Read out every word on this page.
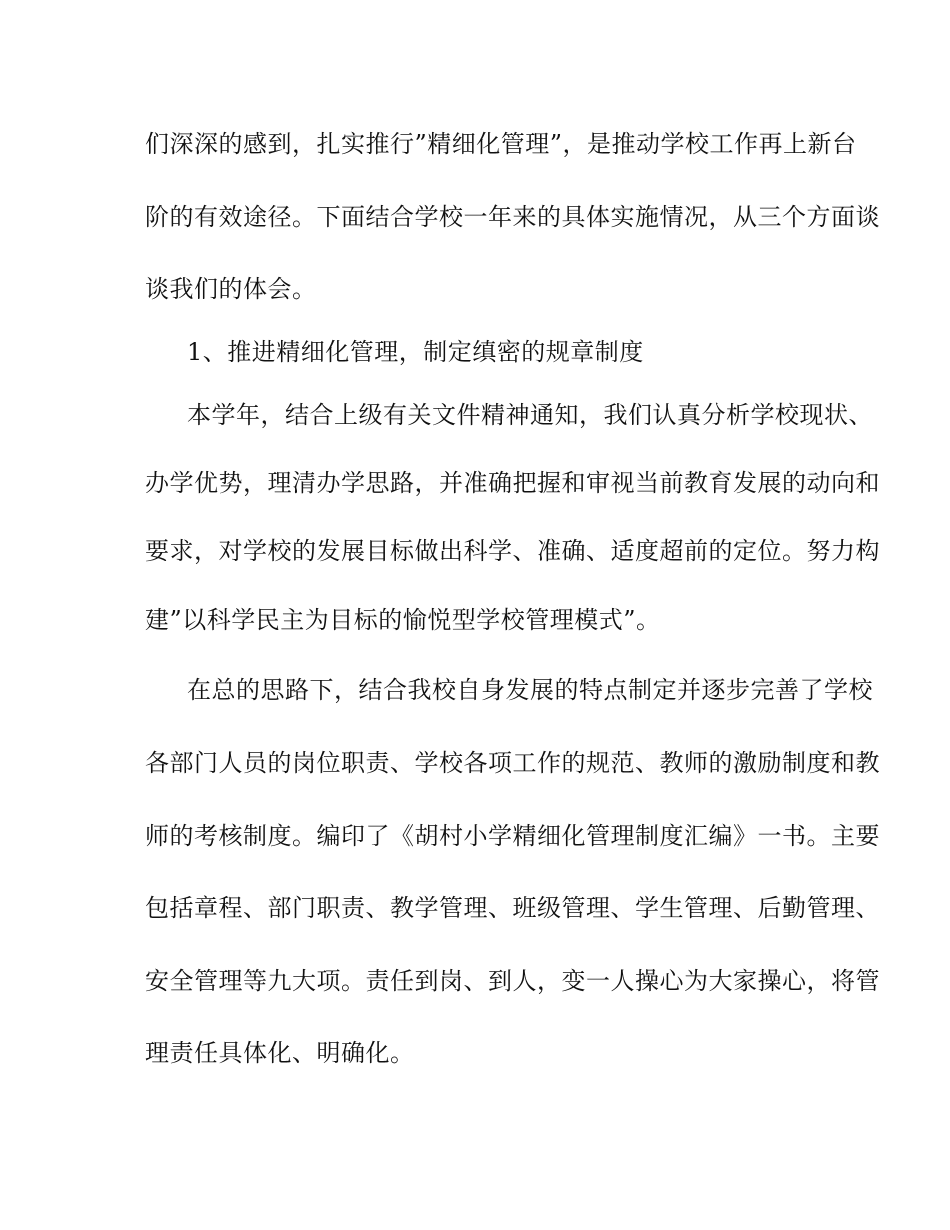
们深深的感到，扎实推行”精细化管理”，是推动学校工作再上新台
阶的有效途径。下面结合学校一年来的具体实施情况，从三个方面谈
谈我们的体会。
1、推进精细化管理，制定缜密的规章制度
本学年，结合上级有关文件精神通知，我们认真分析学校现状、
办学优势，理清办学思路，并准确把握和审视当前教育发展的动向和
要求，对学校的发展目标做出科学、准确、适度超前的定位。努力构
建”以科学民主为目标的愉悦型学校管理模式”。
在总的思路下，结合我校自身发展的特点制定并逐步完善了学校
各部门人员的岗位职责、学校各项工作的规范、教师的激励制度和教
师的考核制度。编印了《胡村小学精细化管理制度汇编》一书。主要
包括章程、部门职责、教学管理、班级管理、学生管理、后勤管理、
安全管理等九大项。责任到岗、到人，变一人操心为大家操心，将管
理责任具体化、明确化。
